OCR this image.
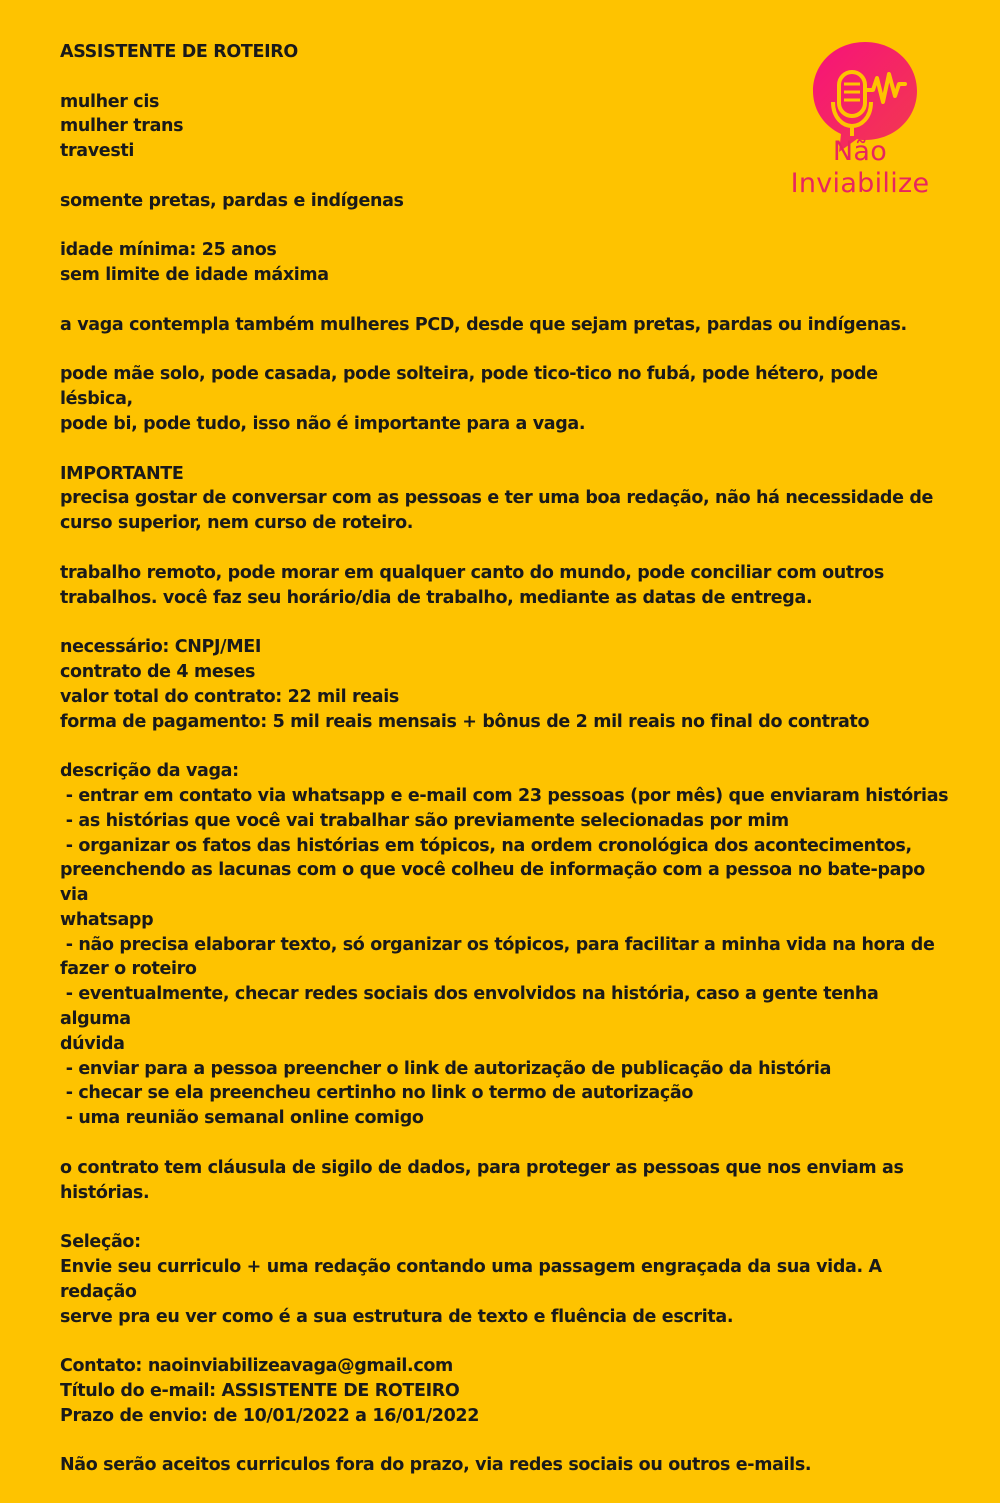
ASSISTENTE DE ROTEIRO
mulher cis
mulher trans
travesti
somente pretas, pardas e indígenas
idade mínima: 25 anos
sem limite de idade máxima
a vaga contempla também mulheres PCD, desde que sejam pretas, pardas ou indígenas.
pode mãe solo, pode casada, pode solteira, pode tico-tico no fubá, pode hétero, pode lésbica,
pode bi, pode tudo, isso não é importante para a vaga.
IMPORTANTE
precisa gostar de conversar com as pessoas e ter uma boa redação, não há necessidade de
curso superior, nem curso de roteiro.
trabalho remoto, pode morar em qualquer canto do mundo, pode conciliar com outros
trabalhos. você faz seu horário/dia de trabalho, mediante as datas de entrega.
necessário: CNPJ/MEI
contrato de 4 meses
valor total do contrato: 22 mil reais
forma de pagamento: 5 mil reais mensais + bônus de 2 mil reais no final do contrato
descrição da vaga:
- entrar em contato via whatsapp e e-mail com 23 pessoas (por mês) que enviaram histórias
- as histórias que você vai trabalhar são previamente selecionadas por mim
- organizar os fatos das histórias em tópicos, na ordem cronológica dos acontecimentos,
preenchendo as lacunas com o que você colheu de informação com a pessoa no bate-papo via
whatsapp
- não precisa elaborar texto, só organizar os tópicos, para facilitar a minha vida na hora de
fazer o roteiro
- eventualmente, checar redes sociais dos envolvidos na história, caso a gente tenha alguma
dúvida
- enviar para a pessoa preencher o link de autorização de publicação da história
- checar se ela preencheu certinho no link o termo de autorização
- uma reunião semanal online comigo
o contrato tem cláusula de sigilo de dados, para proteger as pessoas que nos enviam as
histórias.
Seleção:
Envie seu curriculo + uma redação contando uma passagem engraçada da sua vida. A redação
serve pra eu ver como é a sua estrutura de texto e fluência de escrita.
Contato: naoinviabilizeavaga@gmail.com
Título do e-mail: ASSISTENTE DE ROTEIRO
Prazo de envio: de 10/01/2022 a 16/01/2022
Não serão aceitos curriculos fora do prazo, via redes sociais ou outros e-mails.
Não
Inviabilize
